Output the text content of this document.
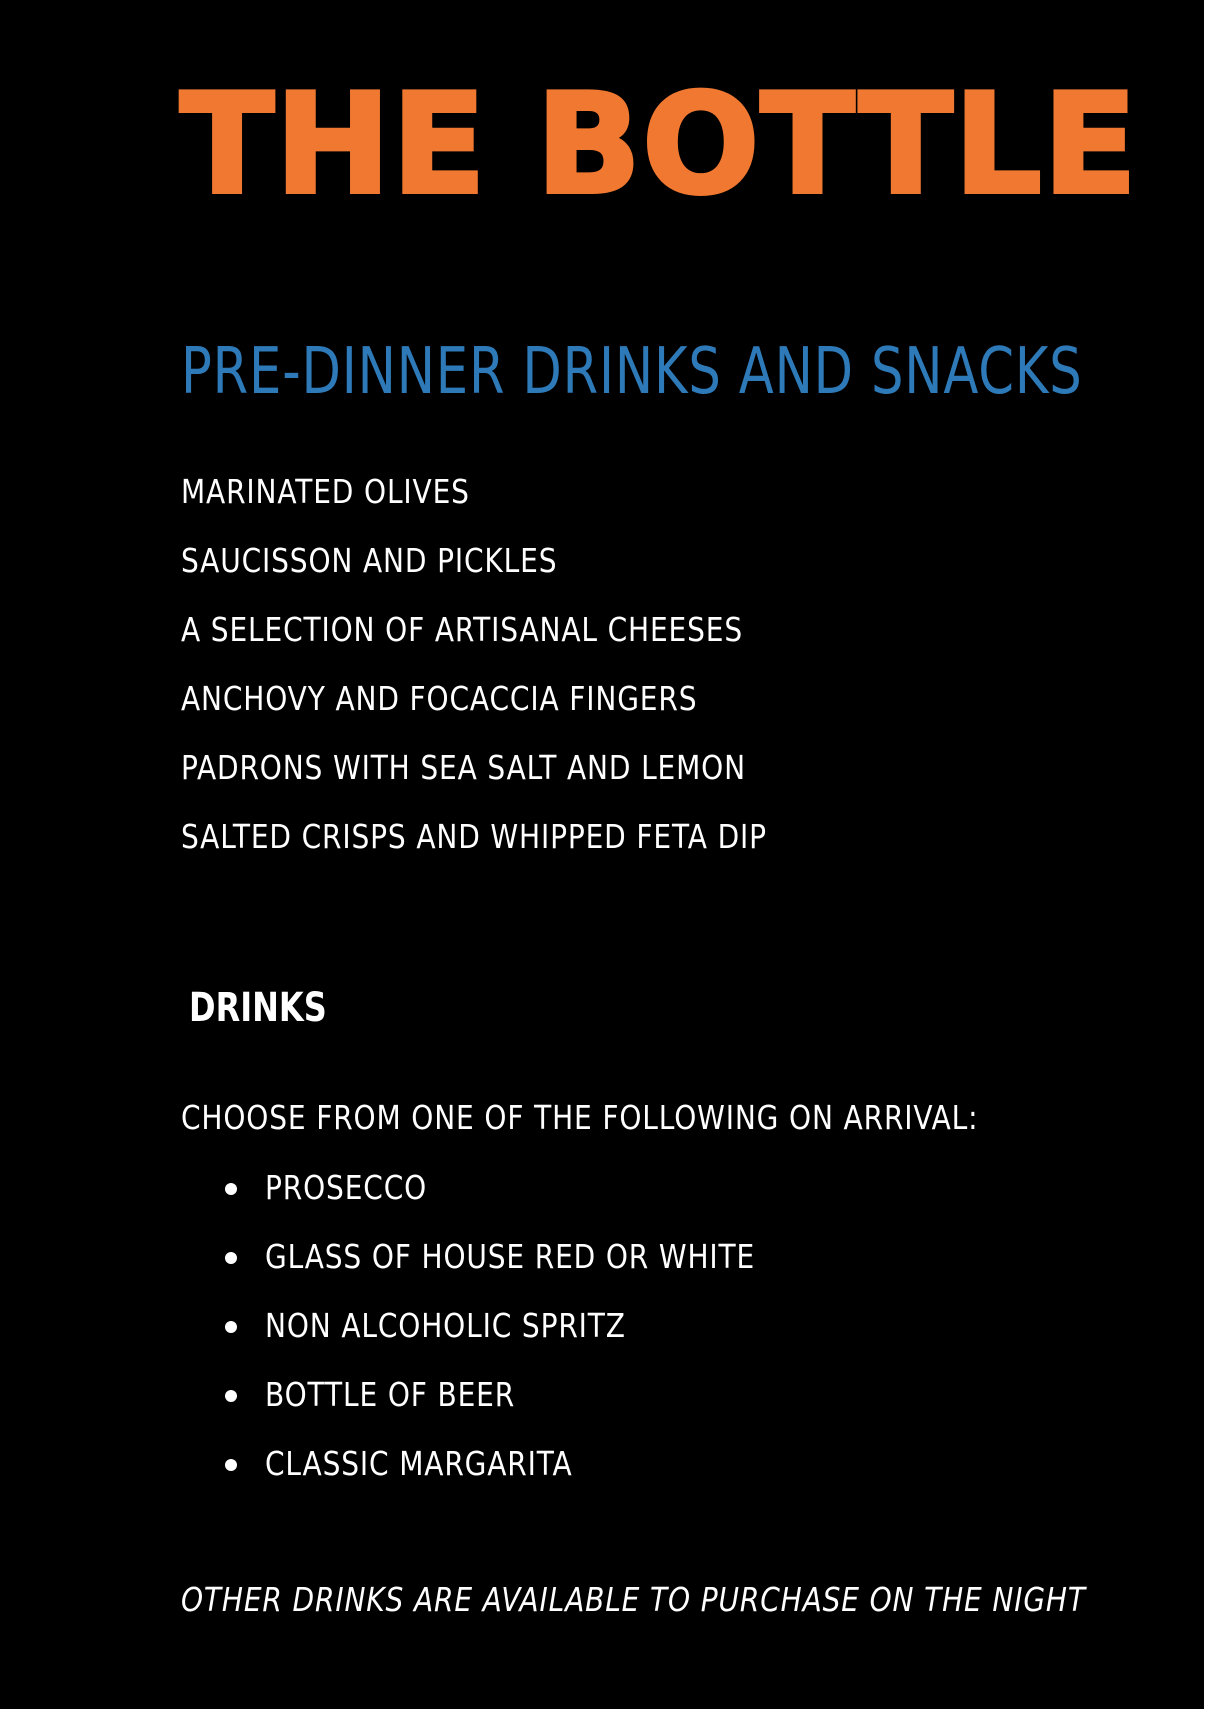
THE BOTTLE
PRE-DINNER DRINKS AND SNACKS
MARINATED OLIVES
SAUCISSON AND PICKLES
A SELECTION OF ARTISANAL CHEESES
ANCHOVY AND FOCACCIA FINGERS
PADRONS WITH SEA SALT AND LEMON
SALTED CRISPS AND WHIPPED FETA DIP
DRINKS

CHOOSE FROM ONE OF THE FOLLOWING ON ARRIVAL:

PROSECCO
GLASS OF HOUSE RED OR WHITE
NON ALCOHOLIC SPRITZ
BOTTLE OF BEER
CLASSIC MARGARITA

OTHER DRINKS ARE AVAILABLE TO PURCHASE ON THE NIGHT
